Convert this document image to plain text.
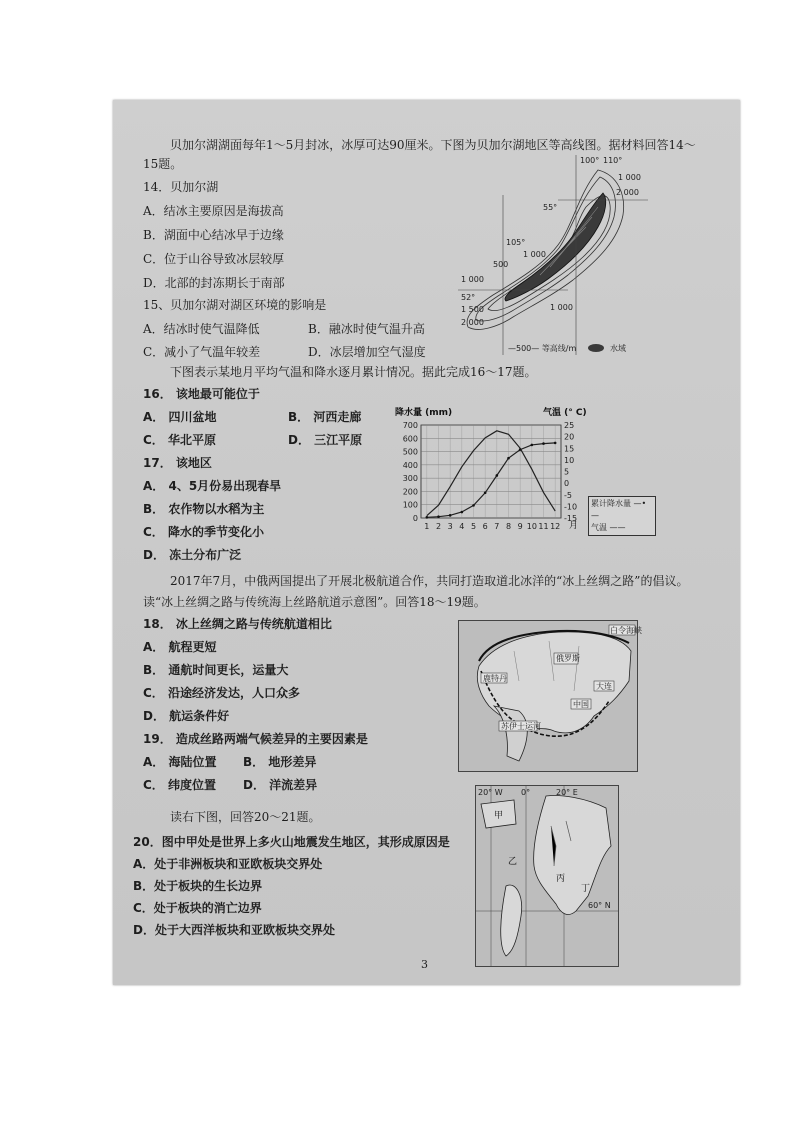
贝加尔湖湖面每年1～5月封冰，冰厚可达90厘米。下图为贝加尔湖地区等高线图。据材料回答14～
15题。
14．贝加尔湖
A．结冰主要原因是海拔高
B．湖面中心结冰早于边缘
C．位于山谷导致冰层较厚
D．北部的封冻期长于南部
15、贝加尔湖对湖区环境的影响是
A．结冰时使气温降低	B．融冰时使气温升高
C．减小了气温年较差	D．冰层增加空气湿度
100° 110°
1 000
2 000
55°
105°
1 000
500
1 000
52°
1 500
2 000
1 000
—500— 等高线/m	水域
下图表示某地月平均气温和降水逐月累计情况。据此完成16～17题。
16． 该地最可能位于
A． 四川盆地	B． 河西走廊
C． 华北平原	D． 三江平原
17． 该地区
A． 4、5月份易出现春旱
B． 农作物以水稻为主
C． 降水的季节变化小
D． 冻土分布广泛
降水量 (mm)	气温 (° C)
0
100
200
300
400
500
600
700
-15
-10
-5
0
5
10
15
20
25
1 2 3 4 5 6 7 8 9 10 11 12 月
累计降水量 —•—
气温 ——
2017年7月，中俄两国提出了开展北极航道合作，共同打造取道北冰洋的“冰上丝绸之路”的倡议。
读“冰上丝绸之路与传统海上丝路航道示意图”。回答18～19题。
18． 冰上丝绸之路与传统航道相比
A． 航程更短
B． 通航时间更长，运量大
C． 沿途经济发达，人口众多
D． 航运条件好
19． 造成丝路两端气候差异的主要因素是
A． 海陆位置 B． 地形差异
C． 纬度位置 D． 洋流差异
白令海峡
俄罗斯
鹿特丹
大连
中国
苏伊士运河
读右下图，回答20～21题。
20．图中甲处是世界上多火山地震发生地区，其形成原因是
A．处于非洲板块和亚欧板块交界处
B．处于板块的生长边界
C．处于板块的消亡边界
D．处于大西洋板块和亚欧板块交界处
20° W 0°	20° E
甲
乙
丙
丁
60° N
3
